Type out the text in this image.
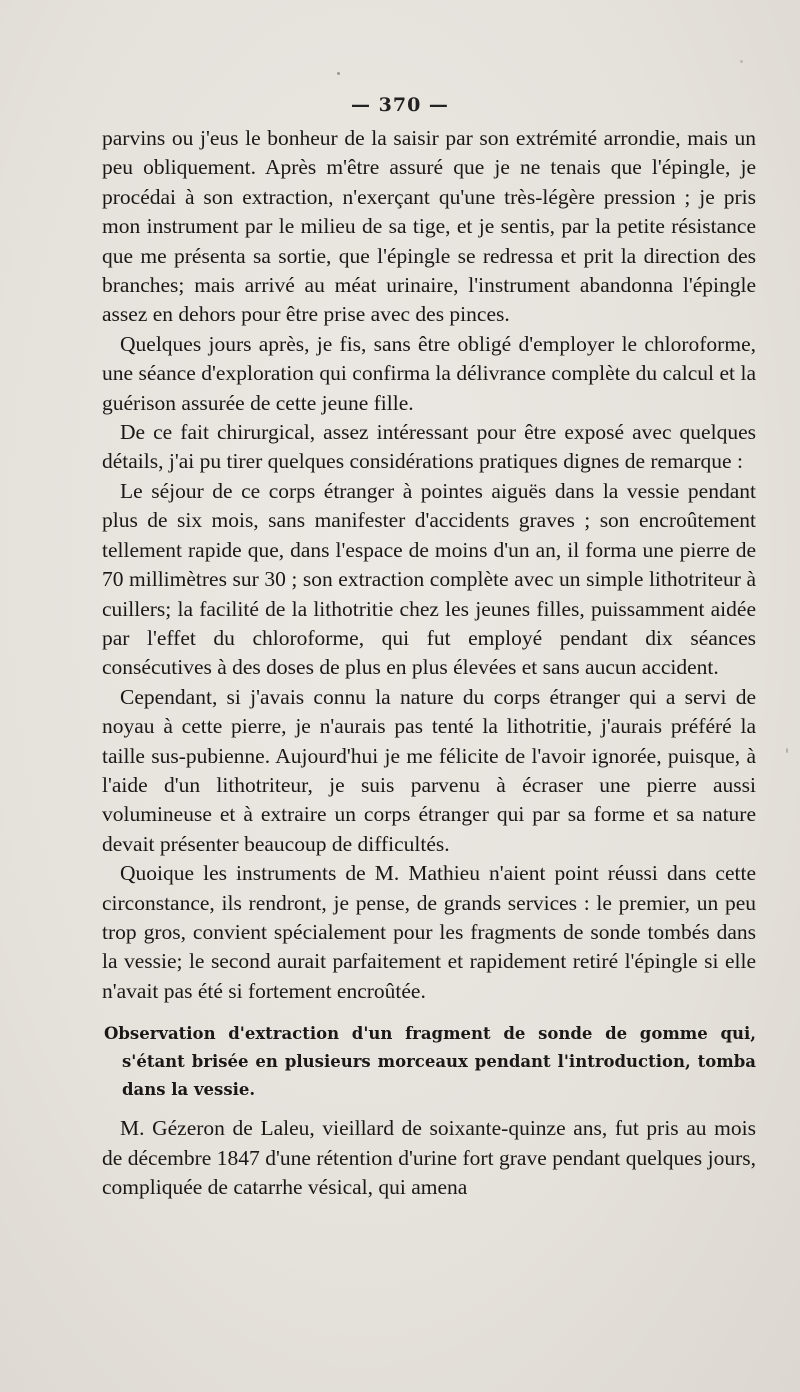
— 370 —

parvins ou j'eus le bonheur de la saisir par son extrémité arrondie, mais un peu obliquement. Après m'être assuré que je ne tenais que l'épingle, je procédai à son extraction, n'exerçant qu'une très-légère pression ; je pris mon instrument par le milieu de sa tige, et je sentis, par la petite résistance que me présenta sa sortie, que l'épingle se redressa et prit la direction des branches; mais arrivé au méat urinaire, l'instrument abandonna l'épingle assez en dehors pour être prise avec des pinces.

Quelques jours après, je fis, sans être obligé d'employer le chloroforme, une séance d'exploration qui confirma la délivrance complète du calcul et la guérison assurée de cette jeune fille.

De ce fait chirurgical, assez intéressant pour être exposé avec quelques détails, j'ai pu tirer quelques considérations pratiques dignes de remarque :

Le séjour de ce corps étranger à pointes aiguës dans la vessie pendant plus de six mois, sans manifester d'accidents graves ; son encroûtement tellement rapide que, dans l'espace de moins d'un an, il forma une pierre de 70 millimètres sur 30 ; son extraction complète avec un simple lithotriteur à cuillers; la facilité de la lithotritie chez les jeunes filles, puissamment aidée par l'effet du chloroforme, qui fut employé pendant dix séances consécutives à des doses de plus en plus élevées et sans aucun accident.

Cependant, si j'avais connu la nature du corps étranger qui a servi de noyau à cette pierre, je n'aurais pas tenté la lithotritie, j'aurais préféré la taille sus-pubienne. Aujourd'hui je me félicite de l'avoir ignorée, puisque, à l'aide d'un lithotriteur, je suis parvenu à écraser une pierre aussi volumineuse et à extraire un corps étranger qui par sa forme et sa nature devait présenter beaucoup de difficultés.

Quoique les instruments de M. Mathieu n'aient point réussi dans cette circonstance, ils rendront, je pense, de grands services : le premier, un peu trop gros, convient spécialement pour les fragments de sonde tombés dans la vessie; le second aurait parfaitement et rapidement retiré l'épingle si elle n'avait pas été si fortement encroûtée.

Observation d'extraction d'un fragment de sonde de gomme qui, s'étant brisée en plusieurs morceaux pendant l'introduction, tomba dans la vessie.

M. Gézeron de Laleu, vieillard de soixante-quinze ans, fut pris au mois de décembre 1847 d'une rétention d'urine fort grave pendant quelques jours, compliquée de catarrhe vésical, qui amena
